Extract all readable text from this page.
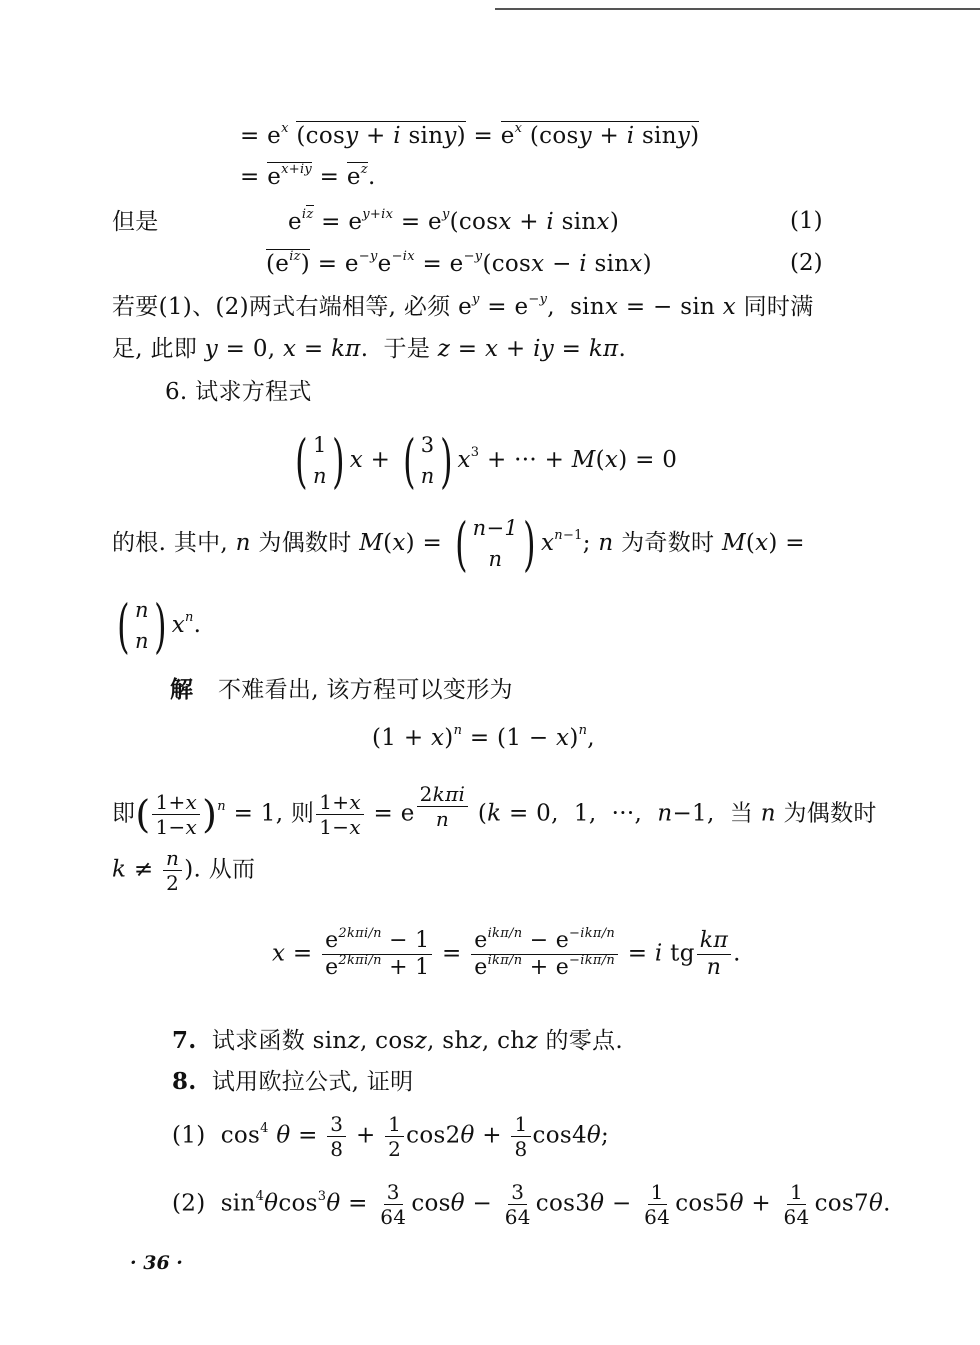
= $e^x$ (cosy + i $\sin y) = e^x$ (cosy + i siny)
= $e^{x+iy} = e^z$.
但是	$e^{iz} = e^{y+ix} = e^y(\cos x + i$ sinx)	(1)
$(e^{iz}) = e^{-y}e^{-ix} = e^{-y}(\cos x - i$ sinx)	(2)
若要(1)、(2)两式右端相等, 必须 $e^y = e^{-y}$,  sinx = − sin x 同时满
足, 此即 y = 0, x = kπ.  于是 z = x + iy = kπ.
6. 试求方程式
( 1
n ) x + ( 3
n ) $x^3$ + ··· + M(x) = 0
的根. 其中, n 为偶数时 M(x) = ( n−1
n ) $x^{n-1}$; n 为奇数时 M(x) =
( n
n ) $x^n$.
解 不难看出, 该方程可以变形为
$(1 + x)^n = (1 - x)^n$,
即( $\frac{1+x}{1-x} )^n = 1$, 则 $\frac{1+x}{1-x} = e$ $^{\frac{\text{2kπi}}{n}}$ (k = 0,  1,  ···,  n−1,  当 n 为偶数时
$k \ne \frac{n}{2}$ ). 从而
$x = \frac{e^{2k\pi i/n} - 1}{e^{2k\pi i/n} + 1} = \frac{e^{ik\pi/n} - e^{-ik\pi/n}}{e^{ik\pi/n} + e^{-ik\pi/n}} = i$ tg $\frac{k\pi}{n}$ .
7.  试求函数 sinz, cosz, shz, chz 的零点.
8.  试用欧拉公式, 证明
(1)  $\cos^4 \theta = \frac{3}{8} + \frac{1}{2} \cos 2\theta + \frac{1}{8} \cos 4\theta$;
(2)  $\sin^4\theta\cos^3\theta = \frac{3}{64}$ $\cos\theta - \frac{3}{64} \cos 3\theta - \frac{1}{64} \cos 5\theta + \frac{1}{64} \cos 7\theta$.
· 36 ·
